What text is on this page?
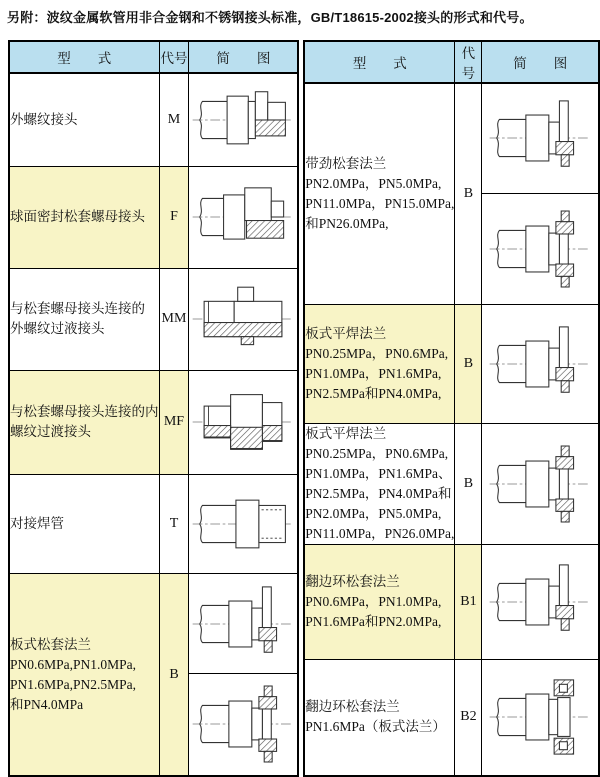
另附：波纹金属软管用非合金钢和不锈钢接头标准，GB/T18615-2002接头的形式和代号。
型　　式	代号	简　　图

外螺纹接头	M	

球面密封松套螺母接头	F	

与松套螺母接头连接的
外螺纹过液接头	MM	

与松套螺母接头连接的内
螺纹过渡接头	MF	

对接焊管	T	

板式松套法兰
PN0.6MPa,PN1.0MPa,
PN1.6MPa,PN2.5MPa,
和PN4.0MPa	B	

型　　式	代号	简　　图

带劲松套法兰
PN2.0MPa，PN5.0MPa,
PN11.0MPa，PN15.0MPa,
和PN26.0MPa,	B	

板式平焊法兰
PN0.25MPa，PN0.6MPa,
PN1.0MPa，PN1.6MPa,
PN2.5MPa和PN4.0MPa,	B	

板式平焊法兰
PN0.25MPa，PN0.6MPa,
PN1.0MPa，PN1.6MPa、
PN2.5MPa，PN4.0MPa和
PN2.0MPa，PN5.0MPa,
PN11.0MPa，PN26.0MPa,
	B	

翻边环松套法兰
PN0.6MPa，PN1.0MPa,
PN1.6MPa和PN2.0MPa,	B1	

翻边环松套法兰
PN1.6MPa（板式法兰）	B2	
